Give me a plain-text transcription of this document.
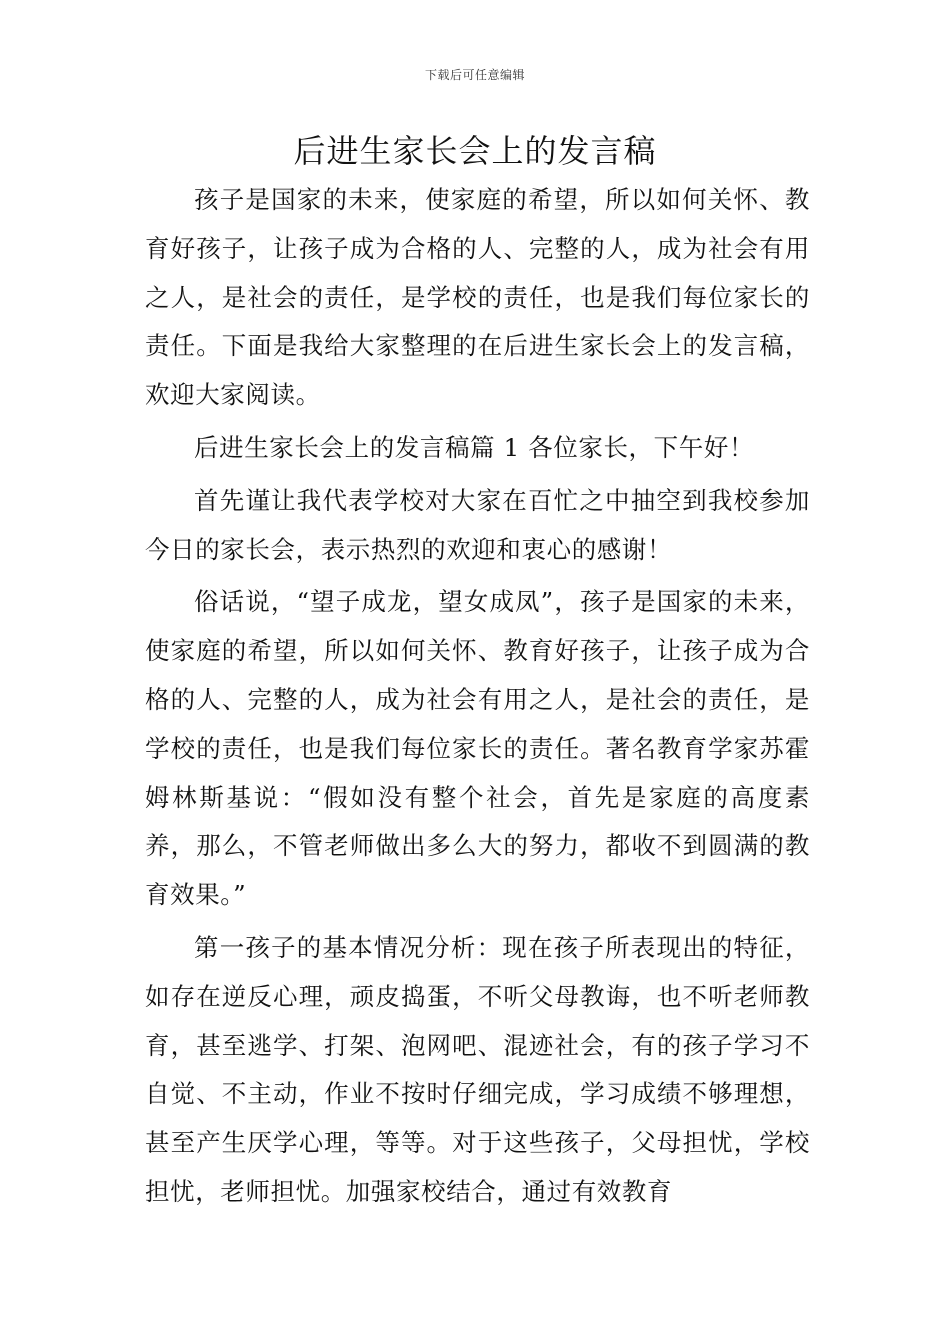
下载后可任意编辑
后进生家长会上的发言稿

孩子是国家的未来，使家庭的希望，所以如何关怀、教育好孩子，让孩子成为合格的人、完整的人，成为社会有用之人，是社会的责任，是学校的责任，也是我们每位家长的责任。下面是我给大家整理的在后进生家长会上的发言稿，欢迎大家阅读。

后进生家长会上的发言稿篇 1 各位家长，下午好！

首先谨让我代表学校对大家在百忙之中抽空到我校参加今日的家长会，表示热烈的欢迎和衷心的感谢！

俗话说，“望子成龙，望女成凤”，孩子是国家的未来，使家庭的希望，所以如何关怀、教育好孩子，让孩子成为合格的人、完整的人，成为社会有用之人，是社会的责任，是学校的责任，也是我们每位家长的责任。著名教育学家苏霍姆林斯基说：“假如没有整个社会，首先是家庭的高度素养，那么，不管老师做出多么大的努力，都收不到圆满的教育效果。”

第一孩子的基本情况分析：现在孩子所表现出的特征，如存在逆反心理，顽皮捣蛋，不听父母教诲，也不听老师教育，甚至逃学、打架、泡网吧、混迹社会，有的孩子学习不自觉、不主动，作业不按时仔细完成，学习成绩不够理想，甚至产生厌学心理，等等。对于这些孩子，父母担忧，学校担忧，老师担忧。加强家校结合，通过有效教育
